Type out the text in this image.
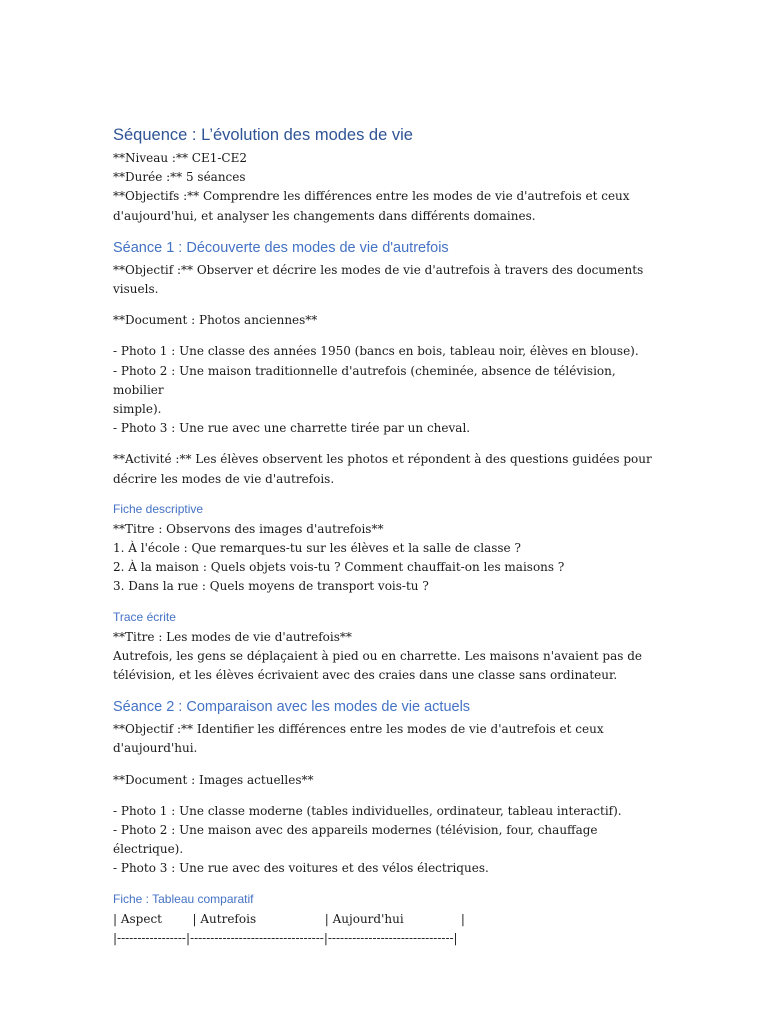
Séquence : L’évolution des modes de vie
**Niveau :** CE1-CE2
**Durée :** 5 séances
**Objectifs :** Comprendre les différences entre les modes de vie d'autrefois et ceux
d'aujourd'hui, et analyser les changements dans différents domaines.
Séance 1 : Découverte des modes de vie d'autrefois
**Objectif :** Observer et décrire les modes de vie d'autrefois à travers des documents
visuels.
**Document : Photos anciennes**
- Photo 1 : Une classe des années 1950 (bancs en bois, tableau noir, élèves en blouse).
- Photo 2 : Une maison traditionnelle d'autrefois (cheminée, absence de télévision, mobilier
simple).
- Photo 3 : Une rue avec une charrette tirée par un cheval.
**Activité :** Les élèves observent les photos et répondent à des questions guidées pour
décrire les modes de vie d'autrefois.
Fiche descriptive
**Titre : Observons des images d'autrefois**
1. À l'école : Que remarques-tu sur les élèves et la salle de classe ?
2. À la maison : Quels objets vois-tu ? Comment chauffait-on les maisons ?
3. Dans la rue : Quels moyens de transport vois-tu ?
Trace écrite
**Titre : Les modes de vie d'autrefois**
Autrefois, les gens se déplaçaient à pied ou en charrette. Les maisons n'avaient pas de
télévision, et les élèves écrivaient avec des craies dans une classe sans ordinateur.
Séance 2 : Comparaison avec les modes de vie actuels
**Objectif :** Identifier les différences entre les modes de vie d'autrefois et ceux
d'aujourd'hui.
**Document : Images actuelles**
- Photo 1 : Une classe moderne (tables individuelles, ordinateur, tableau interactif).
- Photo 2 : Une maison avec des appareils modernes (télévision, four, chauffage électrique).
- Photo 3 : Une rue avec des voitures et des vélos électriques.
Fiche : Tableau comparatif
| Aspect        | Autrefois                  | Aujourd'hui               |
|-----------------|---------------------------------|-------------------------------|
